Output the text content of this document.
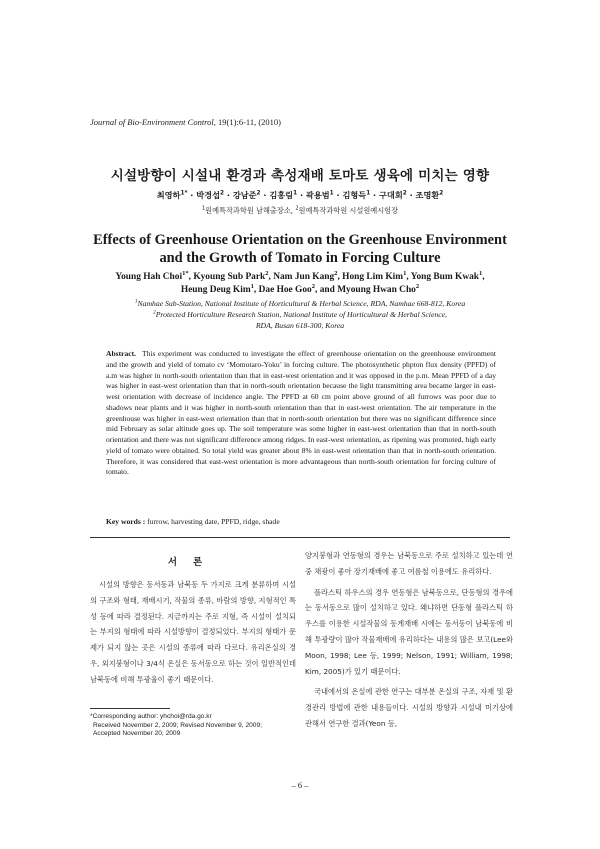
Journal of Bio-Environment Control, 19(1):6-11, (2010)
시설방향이 시설내 환경과 촉성재배 토마토 생육에 미치는 영향
최영하$^{1*}$ · 박경섭$^2$ · 강남준$^2$ · 김홍림$^1$ · 곽용범$^1$ · 김형득$^1$ · 구대회$^2$ · 조명환$^2$
$^1$원예특작과학원 남해출장소, $^2$원예특작과학원 시설원예시험장
Effects of Greenhouse Orientation on the Greenhouse Environment
and the Growth of Tomato in Forcing Culture
Young Hah Choi$^{1*}$, Kyoung Sub Park$^2$, Nam Jun Kang$^2$, Hong Lim Kim$^1$, Yong Bum Kwak$^1$,
Heung Deug Kim$^1$, Dae Hoe Goo$^2$, and Myoung Hwan Cho$^2$
$^1$Namhae Sub-Station, National Institute of Horticultural & Herbal Science, RDA, Namhae 668-812, Korea
$^2$Protected Horticulture Research Station, National Institute of Horticultural & Herbal Science,
RDA, Busan 618-300, Korea
Abstract. This experiment was conducted to investigate the effect of greenhouse orientation on the greenhouse environment and the growth and yield of tomato cv ‘Momotaro-Yoku’ in forcing culture. The photosynthetic phpton flux density (PPFD) of a.m was higher in north-south orientation than that in east-west orientation and it was opposed in the p.m. Mean PPFD of a day was higher in east-west orientation than that in north-south orientation because the light transmitting area became larger in east-west orientation with decrease of incidence angle. The PPFD at 60 cm point above ground of all furrows was poor due to shadows near plants and it was higher in north-south orientation than that in east-west orientation. The air temperature in the greenhouse was higher in east-west orientation than that in north-south orientation but there was no significant difference since mid February as solar altitude goes up. The soil temperature was some higher in east-west orientation than that in north-south orientation and there was not significant difference among ridges. In east-west orientation, as ripening was promoted, high early yield of tomato were obtained. So total yield was greater about 8% in east-west orientation than that in north-south orientation. Therefore, it was considered that east-west orientation is more advantageous than north-south orientation for forcing culture of tomato.
Key words : furrow, harvesting date, PPFD, ridge, shade
서론

시설의 방향은 동서동과 남북동 두 가지로 크게 분류하며 시설의 구조와 형태, 재배시기, 작물의 종류, 바람의 방향, 지형적인 특성 등에 따라 결정된다. 지금까지는 주로 지형, 즉 시설이 설치되는 부지의 형태에 따라 시설방향이 결정되었다. 부지의 형태가 문제가 되지 않는 곳은 시설의 종류에 따라 다르다. 유리온실의 경우, 외지붕형이나 3/4식 온실은 동서동으로 하는 것이 일반적인데 남북동에 비해 투광율이 좋기 때문이다.

*Corresponding author: yhchoi@rda.go.kr
Received November 2, 2009; Revised November 9, 2009;
Accepted November 20, 2009

양지붕형과 연동형의 경우는 남북동으로 주로 설치하고 있는데 연중 채광이 좋아 장기재배에 좋고 여름철 이용에도 유리하다.

플라스틱 하우스의 경우 연동형은 남북동으로, 단동형의 경우에는 동서동으로 많이 설치하고 있다. 왜냐하면 단동형 플라스틱 하우스를 이용한 시설작물의 동계재배 시에는 동서동이 남북동에 비해 투광량이 많아 작물재배에 유리하다는 내용의 많은 보고(Lee와 Moon, 1998; Lee 등, 1999; Nelson, 1991; William, 1998; Kim, 2005)가 있기 때문이다.

국내에서의 온실에 관한 연구는 대부분 온실의 구조, 자재 및 환경관리 방법에 관한 내용들이다. 시설의 방향과 시설내 미기상에 관해서 연구한 결과(Yeon 등,

– 6 –
